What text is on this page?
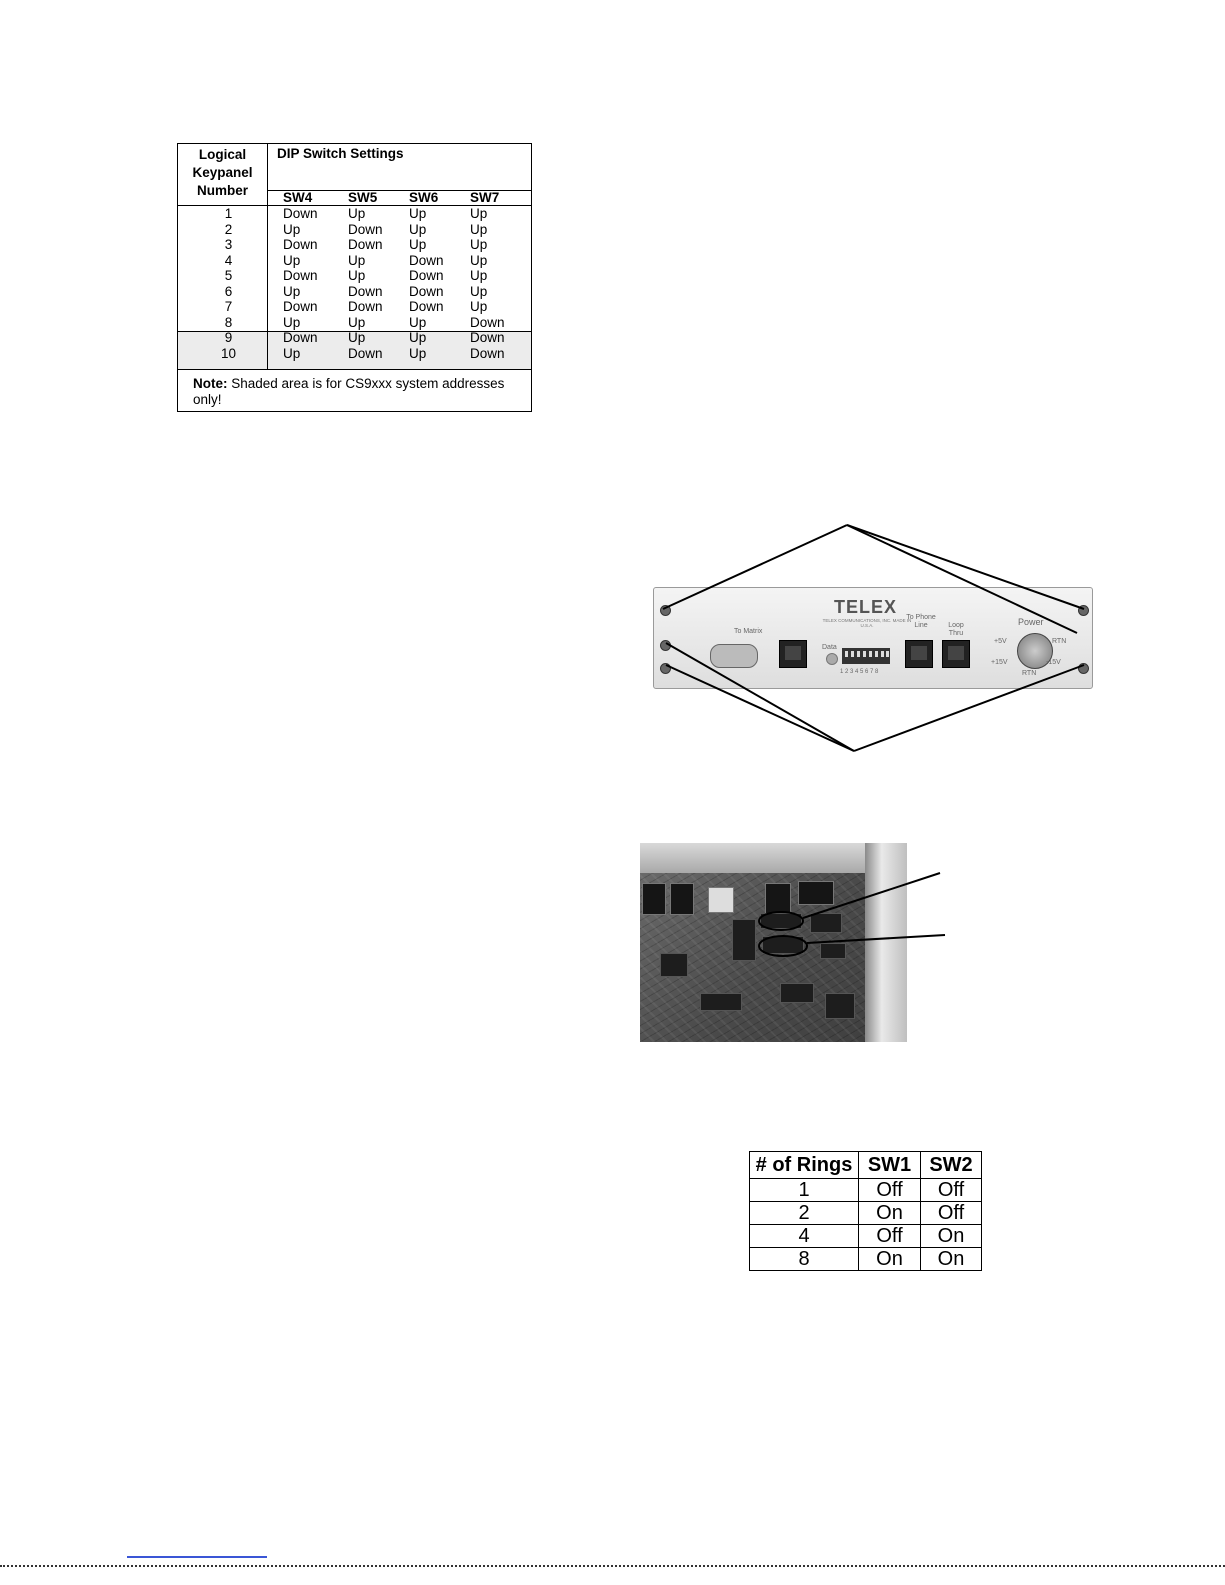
Logical Keypanel Number
DIP Switch Settings
SW4	SW5 SW6 SW7
1	Down Up	Up	Up
2	Up	Down Up	Up
3	Down Down Up	Up
4	Up	Up	Down Up
5	Down Up	Down Up
6	Up	Down Down Up
7	Down Down Down Up
8	Up	Up	Up	Down
9	Down Up	Up	Down
10	Up	Down Up	Down
Note: Shaded area is for CS9xxx system addresses only!
TELEX
TELEX COMMUNICATIONS, INC. MADE IN U.S.A.
To Matrix
Data
1 2 3 4 5 6 7 8
To Phone Line	Loop Thru
Power
+5V
+15V
RTN
-15V
RTN
# of Rings	SW1	SW2
1	Off	Off
2	On	Off
4	Off	On
8	On	On
